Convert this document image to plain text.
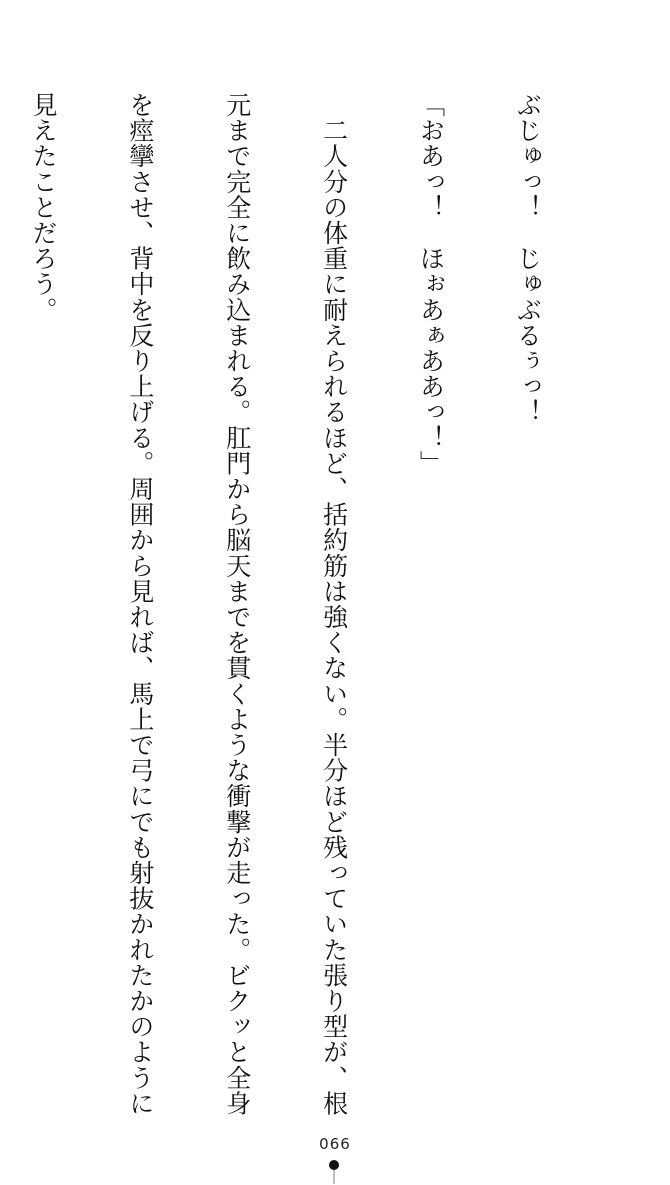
ぶじゅっ！　じゅぶるぅっ！

「おあっ！　ほぉあぁああっ！」

　二人分の体重に耐えられるほど、括約筋は強くない。半分ほど残っていた張り型が、根

元まで完全に飲み込まれる。肛門から脳天までを貫くような衝撃が走った。ビクッと全身

を痙攣させ、背中を反り上げる。周囲から見れば、馬上で弓にでも射抜かれたかのように

見えたことだろう。

066
